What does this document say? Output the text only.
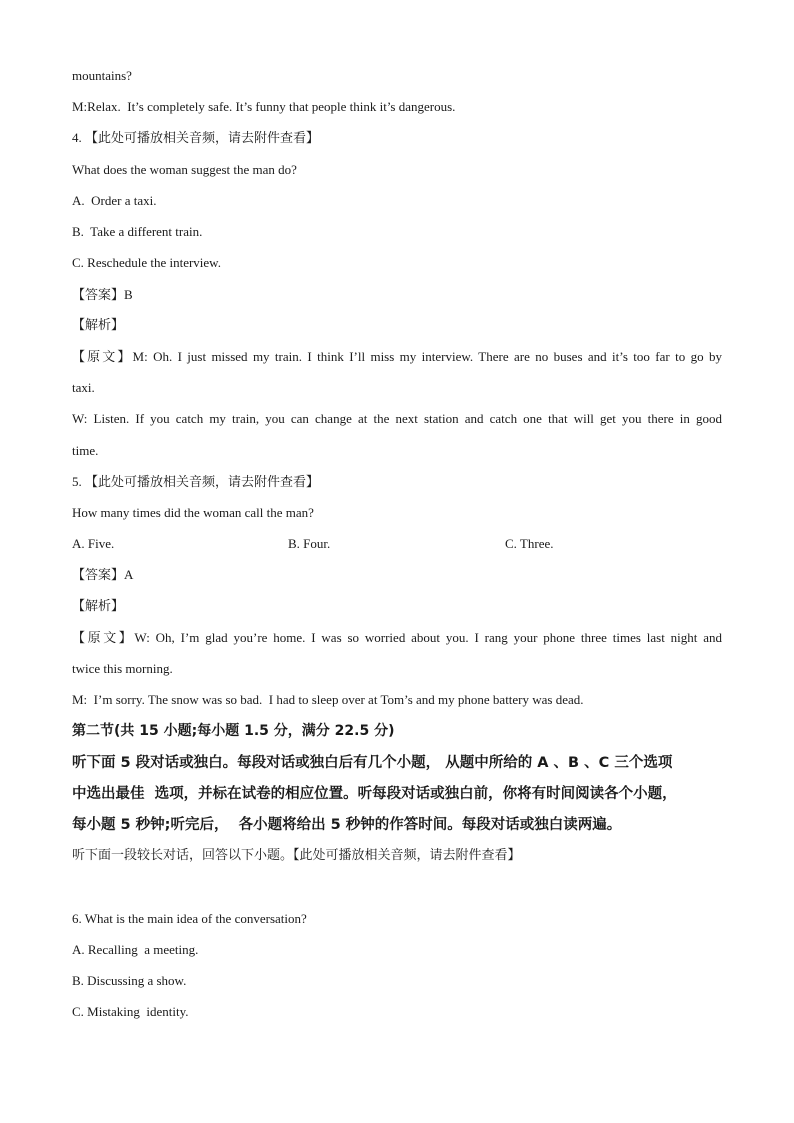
mountains?
M:Relax.  It’s completely safe. It’s funny that people think it’s dangerous.
4. 【此处可播放相关音频，请去附件查看】
What does the woman suggest the man do?
A.  Order a taxi.
B.  Take a different train.
C. Reschedule the interview.
【答案】B
【解析】
【原文】M: Oh. I just missed my train. I think I’ll miss my interview. There are no buses and it’s too far to go by
taxi.
W: Listen. If you catch my train, you can change at the next station and catch one that will get you there in good
time.
5. 【此处可播放相关音频，请去附件查看】
How many times did the woman call the man?
A. Five.	B. Four.	C. Three.
【答案】A
【解析】
【原文】W: Oh, I’m glad you’re home. I was so worried about you. I rang your phone three times last night and
twice this morning.
M:  I’m sorry. The snow was so bad.  I had to sleep over at Tom’s and my phone battery was dead.
第二节(共 15 小题;每小题 1.5 分，满分 22.5 分)
听下面 5 段对话或独白。每段对话或独白后有几个小题， 从题中所给的 A 、B 、C 三个选项
中选出最佳  选项，并标在试卷的相应位置。听每段对话或独白前，你将有时间阅读各个小题，
每小题 5 秒钟;听完后，  各小题将给出 5 秒钟的作答时间。每段对话或独白读两遍。
听下面一段较长对话，回答以下小题。【此处可播放相关音频，请去附件查看】
6. What is the main idea of the conversation?
A. Recalling  a meeting.
B. Discussing a show.
C. Mistaking  identity.
